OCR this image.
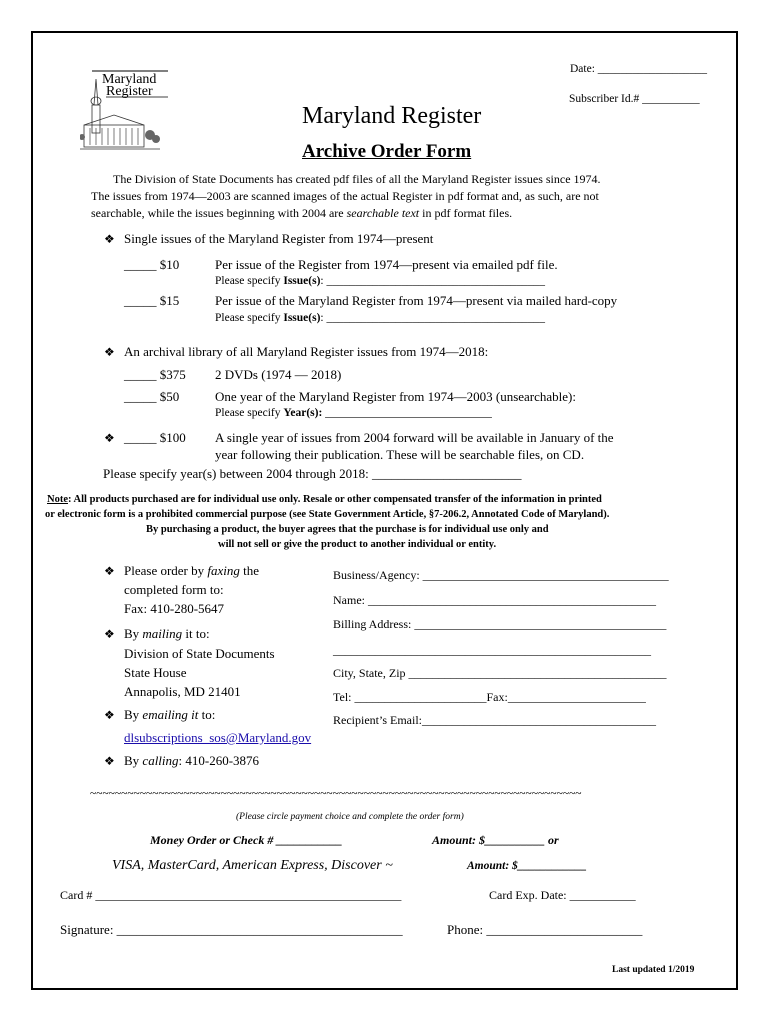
Maryland
Register
Date: ___________________
Subscriber Id.# __________
Maryland Register
Archive Order Form
The Division of State Documents has created pdf files of all the Maryland Register issues since 1974.
The issues from 1974—2003 are scanned images of the actual Register in pdf format and, as such, are not
searchable, while the issues beginning with 2004 are searchable text in pdf format files.
❖ Single issues of the Maryland Register from 1974—present
_____ $10	Per issue of the Register from 1974—present via emailed pdf file.
Please specify Issue(s): ______________________________________
_____ $15	Per issue of the Maryland Register from 1974—present via mailed hard-copy
Please specify Issue(s): ______________________________________
❖ An archival library of all Maryland Register issues from 1974—2018:
_____ $375 2 DVDs (1974 — 2018)
_____ $50	One year of the Maryland Register from 1974—2003 (unsearchable):
Please specify Year(s): _____________________________
❖ _____ $100 A single year of issues from 2004 forward will be available in January of the
year following their publication. These will be searchable files, on CD.
Please specify year(s) between 2004 through 2018: _______________________
Note: All products purchased are for individual use only. Resale or other compensated transfer of the information in printed
or electronic form is a prohibited commercial purpose (see State Government Article, §7-206.2, Annotated Code of Maryland).
By purchasing a product, the buyer agrees that the purchase is for individual use only and
will not sell or give the product to another individual or entity.
❖ Please order by faxing the
completed form to:
Fax: 410-280-5647
❖ By mailing it to:
Division of State Documents
State House
Annapolis, MD 21401
❖ By emailing it to:
dlsubscriptions_sos@Maryland.gov
❖ By calling: 410-260-3876
Business/Agency: _________________________________________
Name: ________________________________________________
Billing Address: __________________________________________
_____________________________________________________
City, State, Zip ___________________________________________
Tel: ______________________Fax:_______________________
Recipient’s Email:_______________________________________
~~~~~~~~~~~~~~~~~~~~~~~~~~~~~~~~~~~~~~~~~~~~~~~~~~~~~~~~~~~~~~~~~~~~~~~~~~~~~~~
(Please circle payment choice and complete the order form)
Money Order or Check # ___________	Amount: $__________ or
VISA, MasterCard, American Express, Discover ~	Amount: $____________
Card # ___________________________________________________	Card Exp. Date: ___________
Signature: ____________________________________________	Phone: ________________________
Last updated 1/2019
